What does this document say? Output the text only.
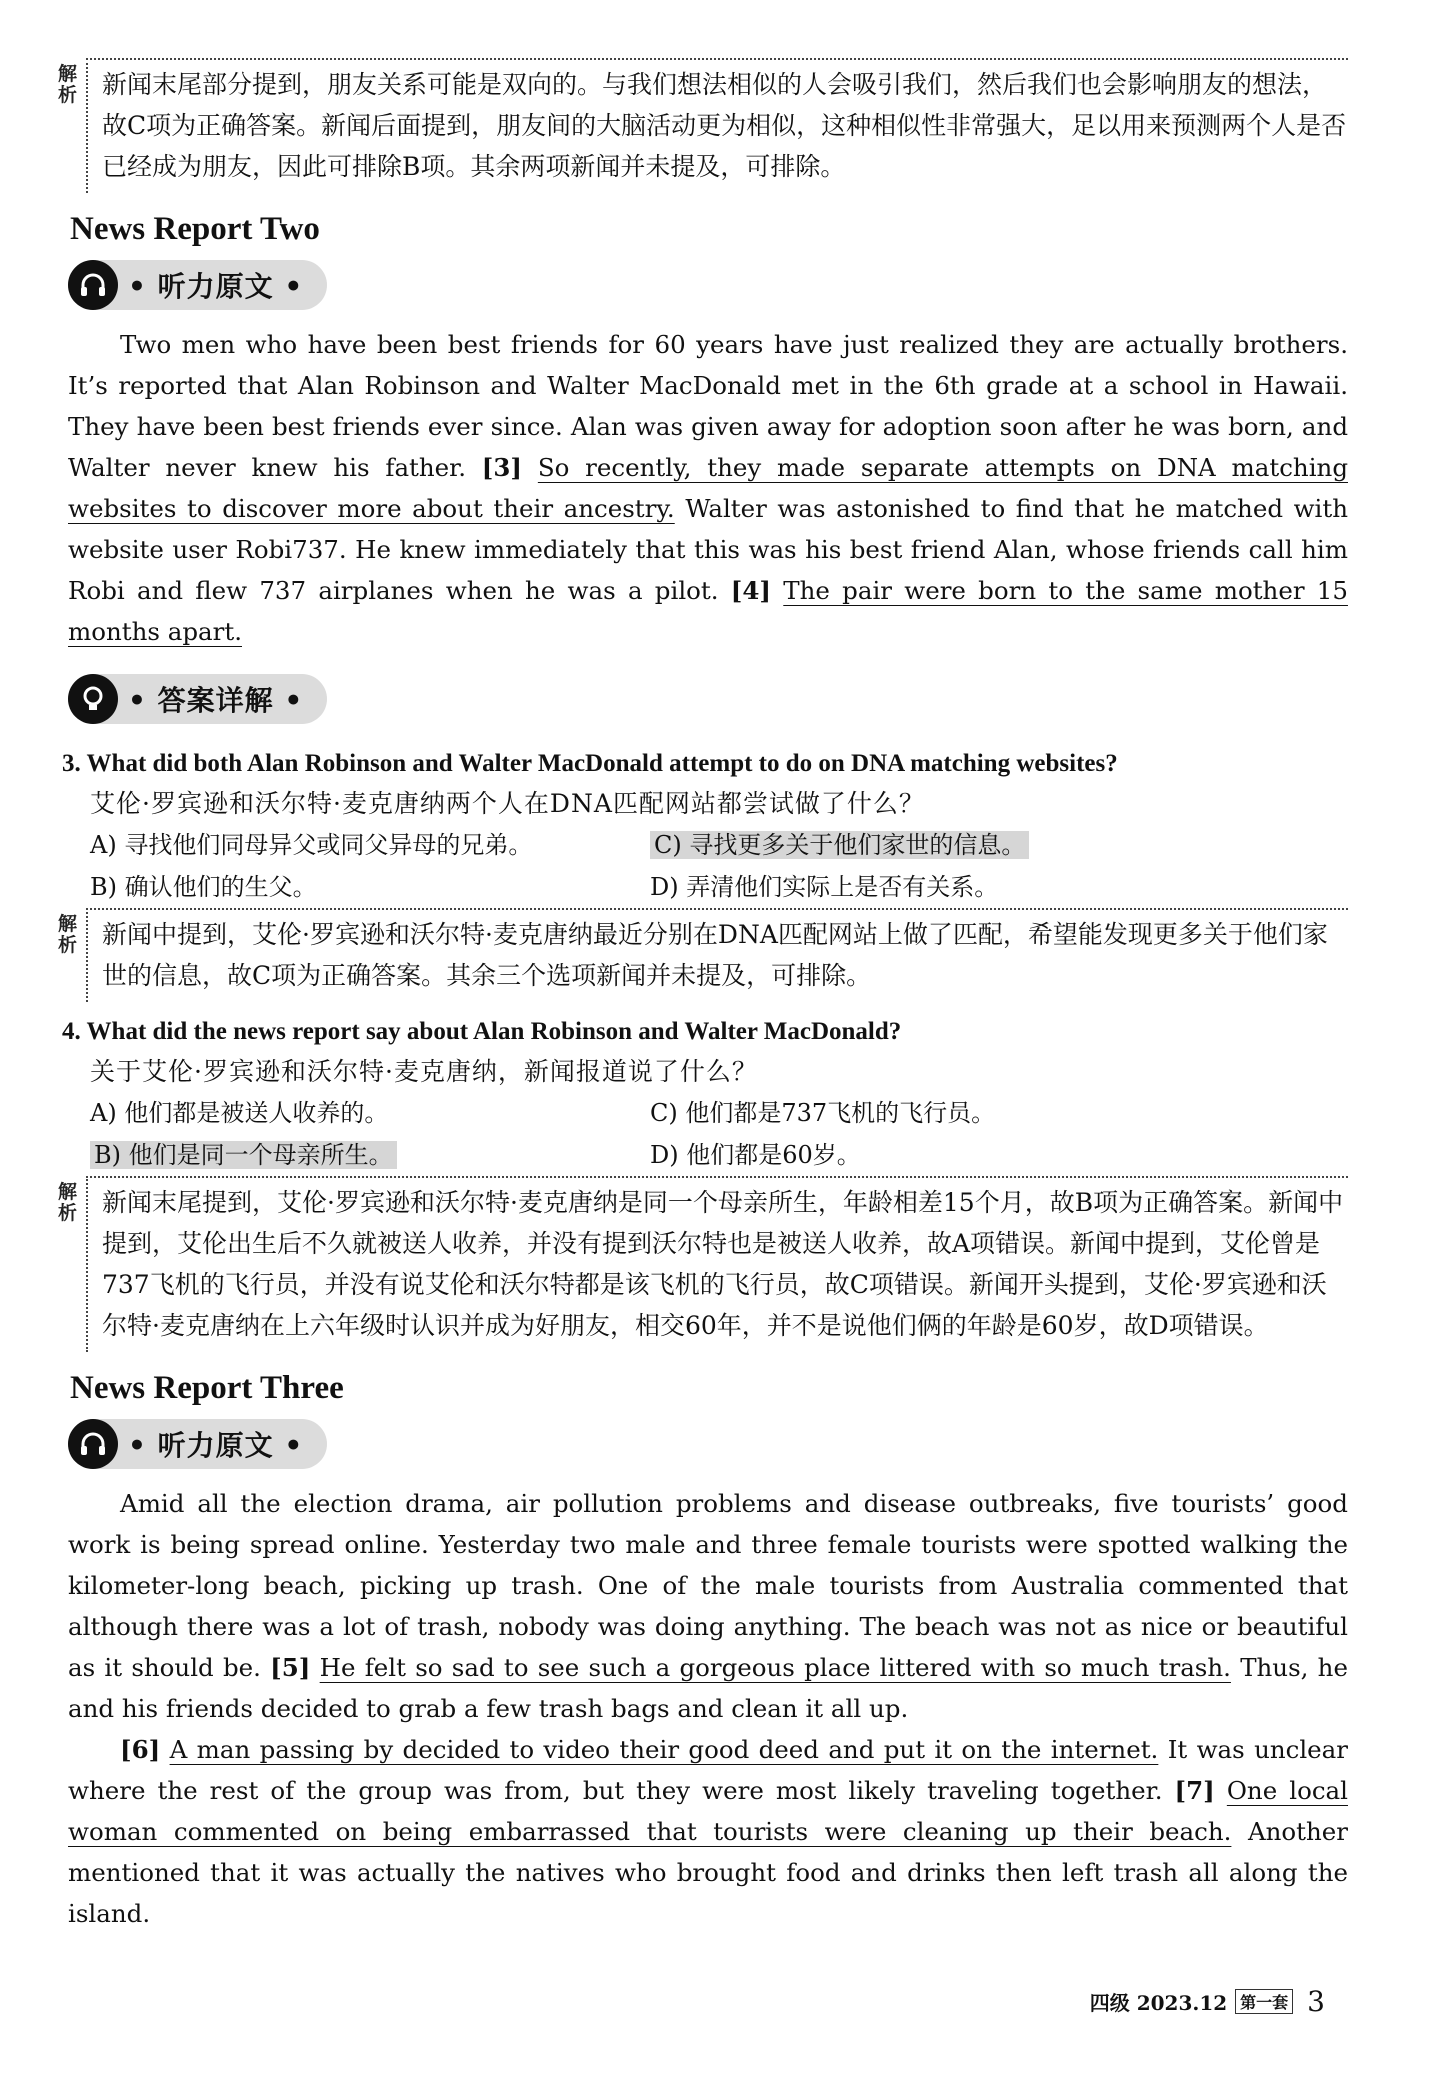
解
析 新闻末尾部分提到，朋友关系可能是双向的。与我们想法相似的人会吸引我们，然后我们也会影响朋友的想法，故C项为正确答案。新闻后面提到，朋友间的大脑活动更为相似，这种相似性非常强大，足以用来预测两个人是否已经成为朋友，因此可排除B项。其余两项新闻并未提及，可排除。
News Report Two
• 听力原文 •

Two men who have been best friends for 60 years have just realized they are actually brothers. It’s reported that Alan Robinson and Walter MacDonald met in the 6th grade at a school in Hawaii. They have been best friends ever since. Alan was given away for adoption soon after he was born, and Walter never knew his father. [3] So recently, they made separate attempts on DNA matching websites to discover more about their ancestry. Walter was astonished to find that he matched with website user Robi737. He knew immediately that this was his best friend Alan, whose friends call him Robi and flew 737 airplanes when he was a pilot. [4] The pair were born to the same mother 15 months apart.

• 答案详解 •
3. What did both Alan Robinson and Walter MacDonald attempt to do on DNA matching websites?
艾伦·罗宾逊和沃尔特·麦克唐纳两个人在DNA匹配网站都尝试做了什么？
A) 寻找他们同母异父或同父异母的兄弟。	C) 寻找更多关于他们家世的信息。
B) 确认他们的生父。	D) 弄清他们实际上是否有关系。
解
析 新闻中提到，艾伦·罗宾逊和沃尔特·麦克唐纳最近分别在DNA匹配网站上做了匹配，希望能发现更多关于他们家世的信息，故C项为正确答案。其余三个选项新闻并未提及，可排除。
4. What did the news report say about Alan Robinson and Walter MacDonald?
关于艾伦·罗宾逊和沃尔特·麦克唐纳，新闻报道说了什么？
A) 他们都是被送人收养的。	C) 他们都是737飞机的飞行员。
B) 他们是同一个母亲所生。	D) 他们都是60岁。
解
析 新闻末尾提到，艾伦·罗宾逊和沃尔特·麦克唐纳是同一个母亲所生，年龄相差15个月，故B项为正确答案。新闻中提到，艾伦出生后不久就被送人收养，并没有提到沃尔特也是被送人收养，故A项错误。新闻中提到，艾伦曾是737飞机的飞行员，并没有说艾伦和沃尔特都是该飞机的飞行员，故C项错误。新闻开头提到，艾伦·罗宾逊和沃尔特·麦克唐纳在上六年级时认识并成为好朋友，相交60年，并不是说他们俩的年龄是60岁，故D项错误。
News Report Three
• 听力原文 •

Amid all the election drama, air pollution problems and disease outbreaks, five tourists’ good work is being spread online. Yesterday two male and three female tourists were spotted walking the kilometer-long beach, picking up trash. One of the male tourists from Australia commented that although there was a lot of trash, nobody was doing anything. The beach was not as nice or beautiful as it should be. [5] He felt so sad to see such a gorgeous place littered with so much trash. Thus, he and his friends decided to grab a few trash bags and clean it all up.

[6] A man passing by decided to video their good deed and put it on the internet. It was unclear where the rest of the group was from, but they were most likely traveling together. [7] One local woman commented on being embarrassed that tourists were cleaning up their beach. Another mentioned that it was actually the natives who brought food and drinks then left trash all along the island.

四级 2023.12 第一套 3
